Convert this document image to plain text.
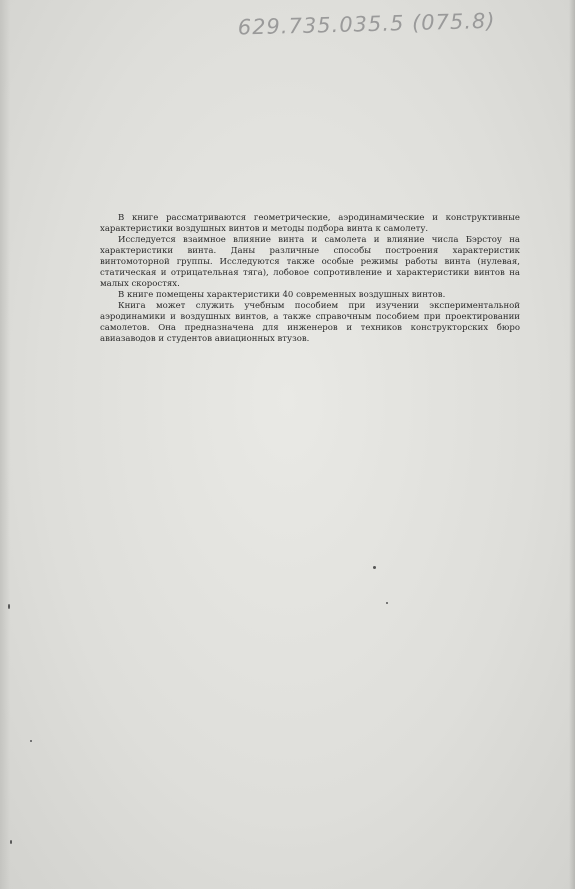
629.735.035.5 (075.8)

В книге рассматриваются геометрические, аэродинамические и конструктивные характеристики воздушных винтов и методы подбора винта к самолету.

Исследуется взаимное влияние винта и самолета и влияние числа Бэрстоу на характеристики винта. Даны различные способы построения характеристик винтомоторной группы. Исследуются также особые режимы работы винта (нулевая, статическая и отрицательная тяга), лобовое сопротивление и характеристики винтов на малых скоростях.

В книге помещены характеристики 40 современных воздушных винтов.

Книга может служить учебным пособием при изучении экспериментальной аэродинамики и воздушных винтов, а также справочным пособием при проектировании самолетов. Она предназначена для инженеров и техников конструкторских бюро авиазаводов и студентов авиационных втузов.
